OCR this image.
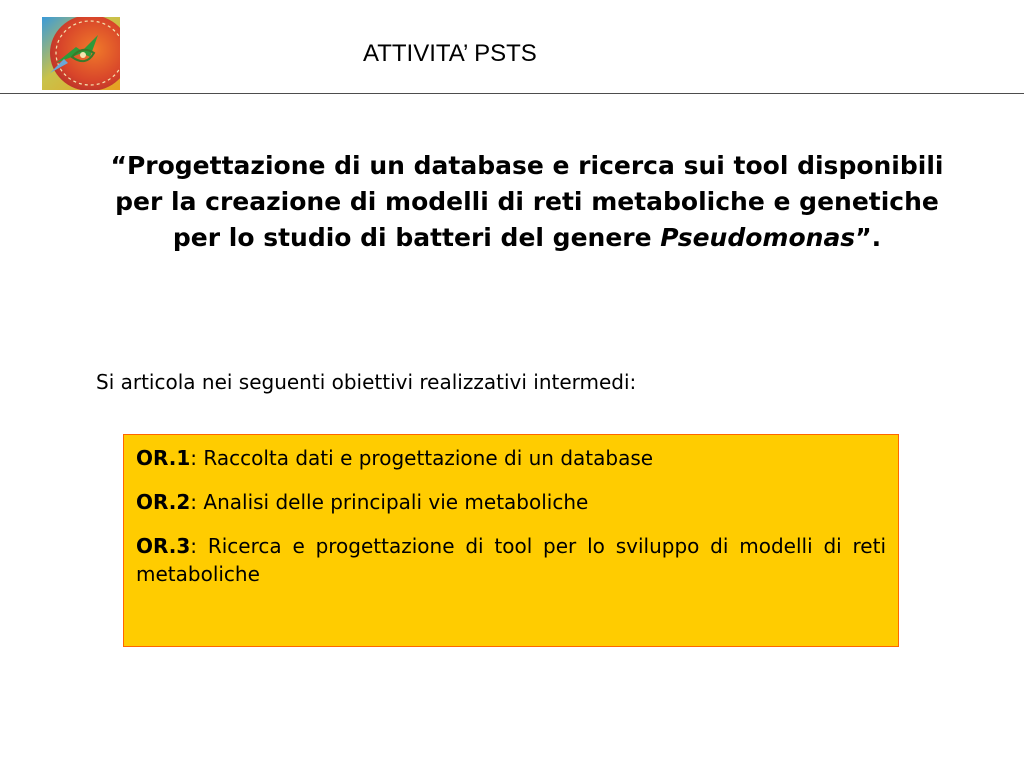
ATTIVITA’ PSTS
“Progettazione di un database e ricerca sui tool disponibili per la creazione di modelli di reti metaboliche e genetiche per lo studio di batteri del genere Pseudomonas”.
Si articola nei seguenti obiettivi realizzativi intermedi:

OR.1: Raccolta dati e progettazione di un database

OR.2: Analisi delle principali vie metaboliche

OR.3: Ricerca e progettazione di tool per lo sviluppo di modelli di reti metaboliche
